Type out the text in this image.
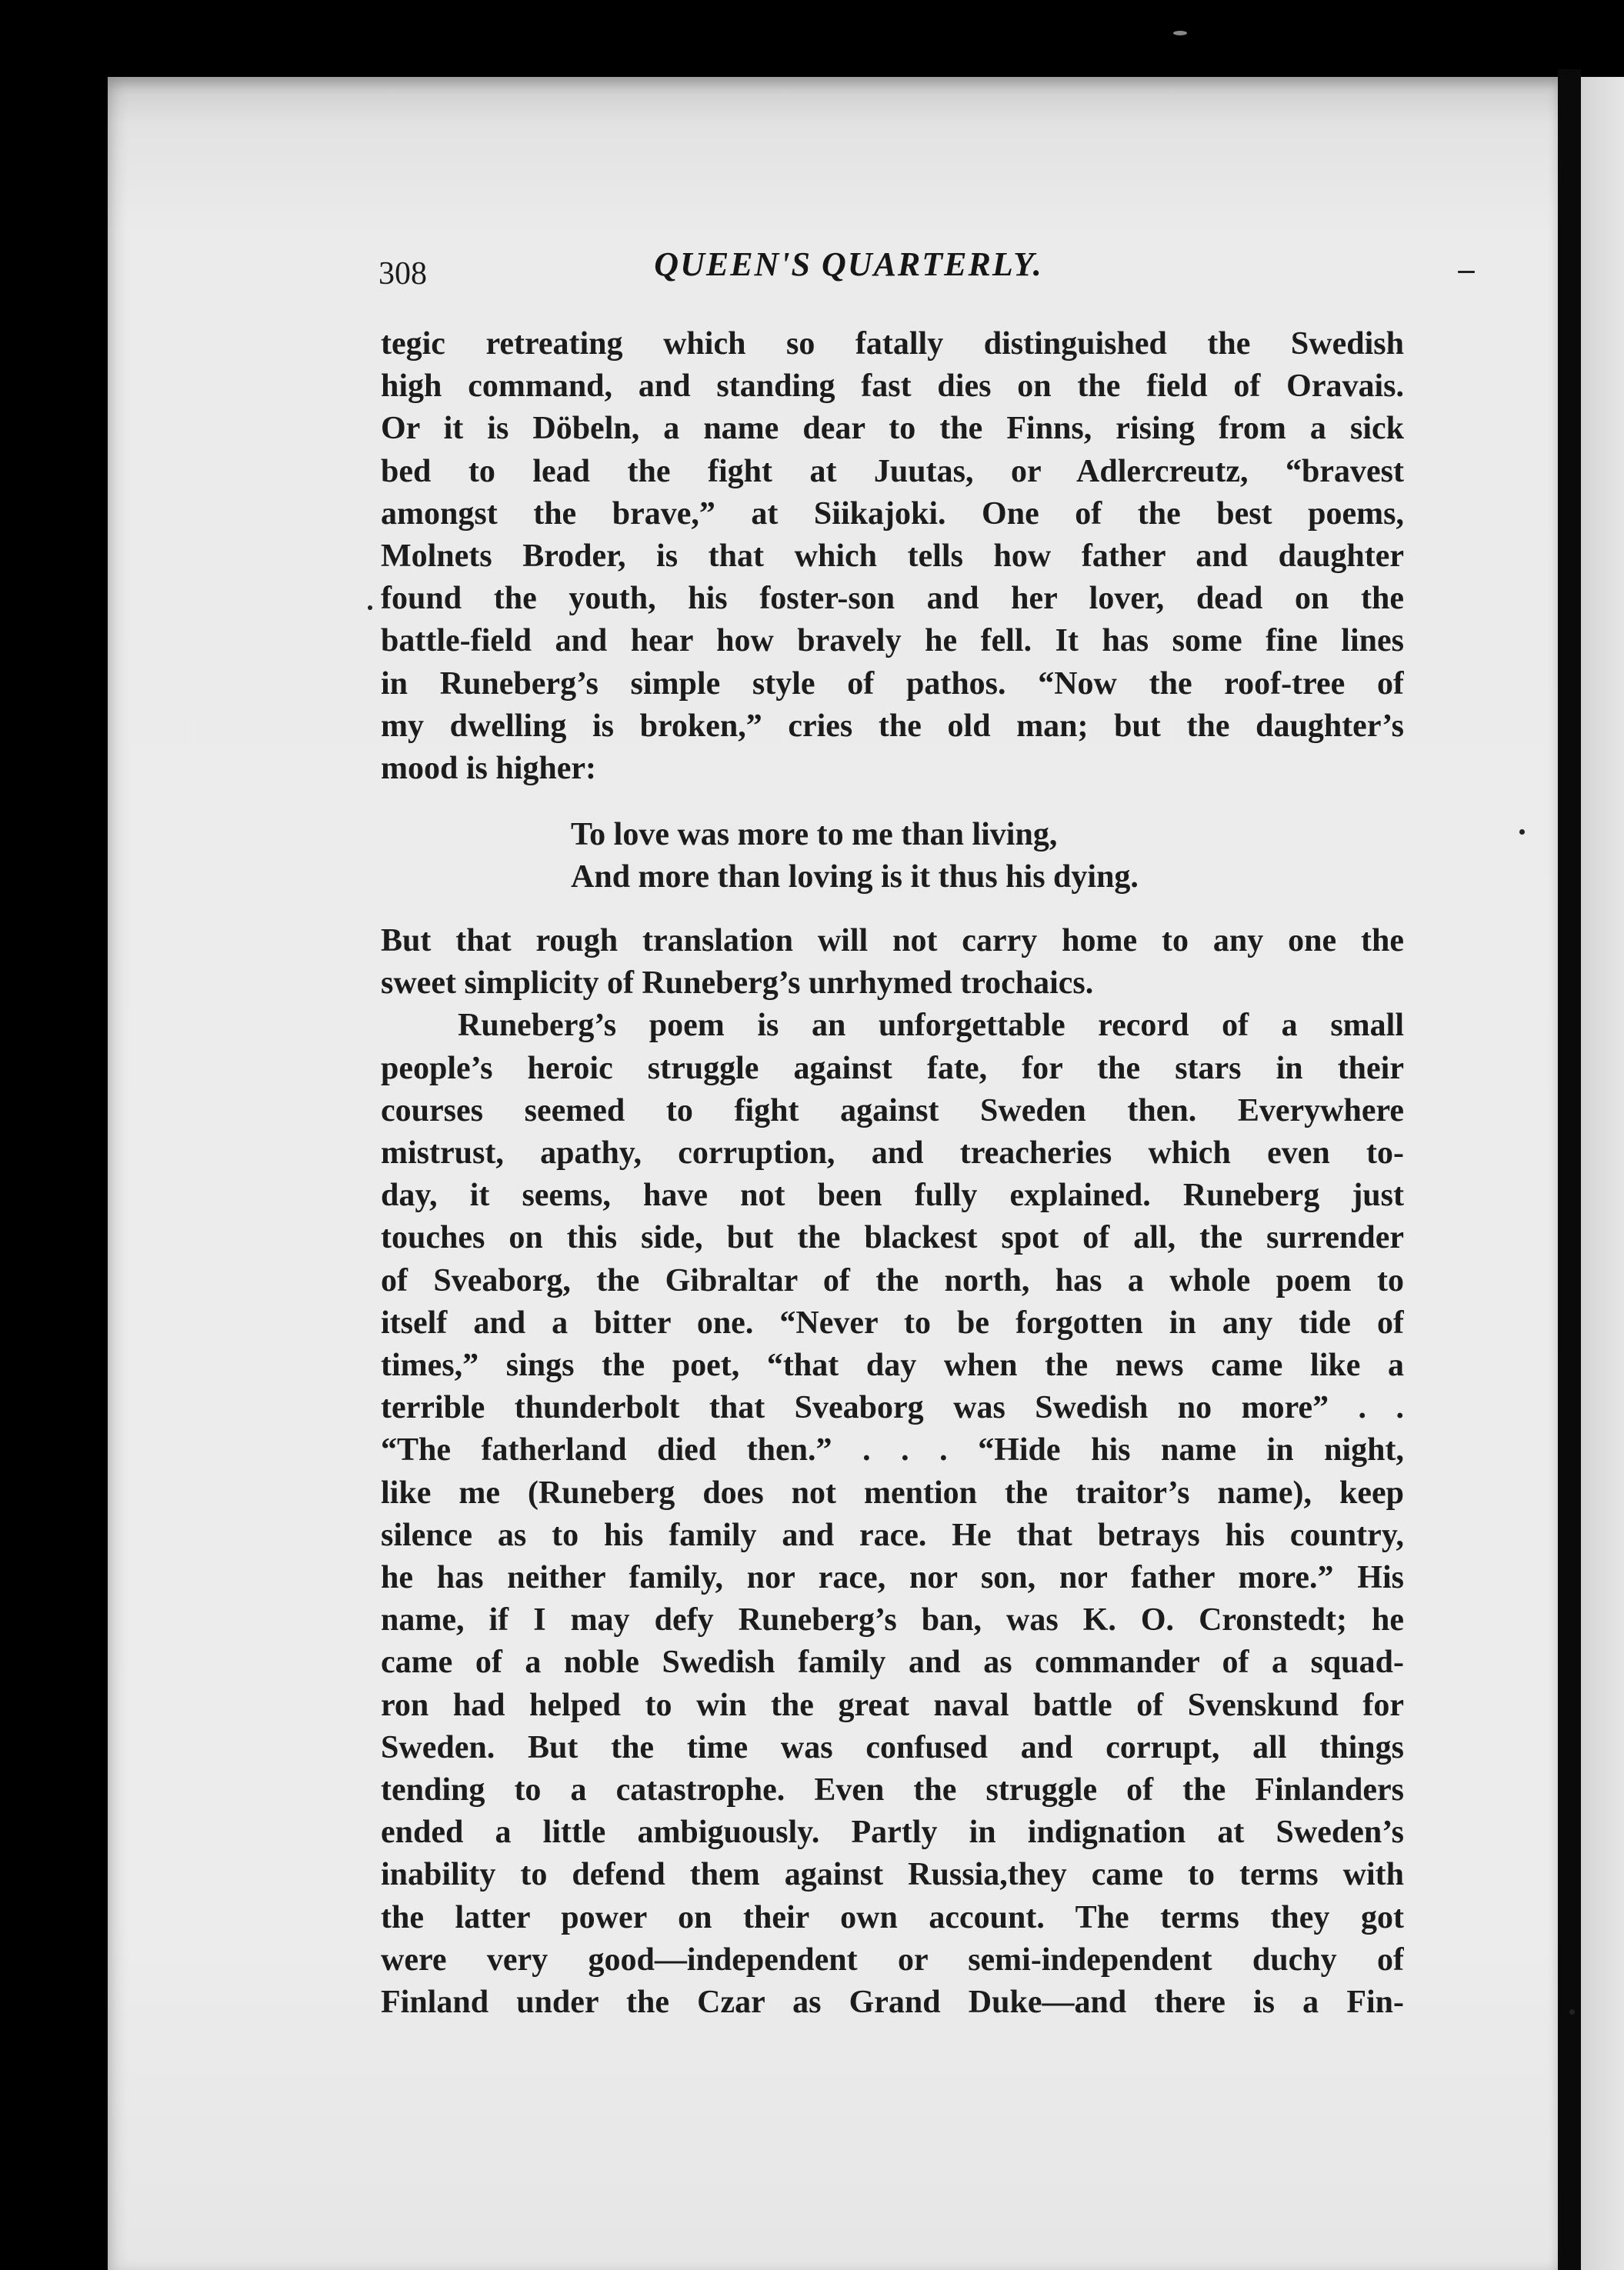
308	QUEEN'S QUARTERLY.
tegic retreating which so fatally distinguished the Swedish
high command, and standing fast dies on the field of Oravais.
Or it is Döbeln, a name dear to the Finns, rising from a sick
bed to lead the fight at Juutas, or Adlercreutz, “bravest
amongst the brave,” at Siikajoki. One of the best poems,
Molnets Broder, is that which tells how father and daughter
found the youth, his foster-son and her lover, dead on the
battle-field and hear how bravely he fell. It has some fine lines
in Runeberg’s simple style of pathos. “Now the roof-tree of
my dwelling is broken,” cries the old man; but the daughter’s
mood is higher:
To love was more to me than living,
And more than loving is it thus his dying.
But that rough translation will not carry home to any one the
sweet simplicity of Runeberg’s unrhymed trochaics.
Runeberg’s poem is an unforgettable record of a small
people’s heroic struggle against fate, for the stars in their
courses seemed to fight against Sweden then. Everywhere
mistrust, apathy, corruption, and treacheries which even to-
day, it seems, have not been fully explained. Runeberg just
touches on this side, but the blackest spot of all, the surrender
of Sveaborg, the Gibraltar of the north, has a whole poem to
itself and a bitter one. “Never to be forgotten in any tide of
times,” sings the poet, “that day when the news came like a
terrible thunderbolt that Sveaborg was Swedish no more” . .
“The fatherland died then.” . . . “Hide his name in night,
like me (Runeberg does not mention the traitor’s name), keep
silence as to his family and race. He that betrays his country,
he has neither family, nor race, nor son, nor father more.” His
name, if I may defy Runeberg’s ban, was K. O. Cronstedt; he
came of a noble Swedish family and as commander of a squad-
ron had helped to win the great naval battle of Svenskund for
Sweden. But the time was confused and corrupt, all things
tending to a catastrophe. Even the struggle of the Finlanders
ended a little ambiguously. Partly in indignation at Sweden’s
inability to defend them against Russia,they came to terms with
the latter power on their own account. The terms they got
were very good—independent or semi-independent duchy of
Finland under the Czar as Grand Duke—and there is a Fin-
